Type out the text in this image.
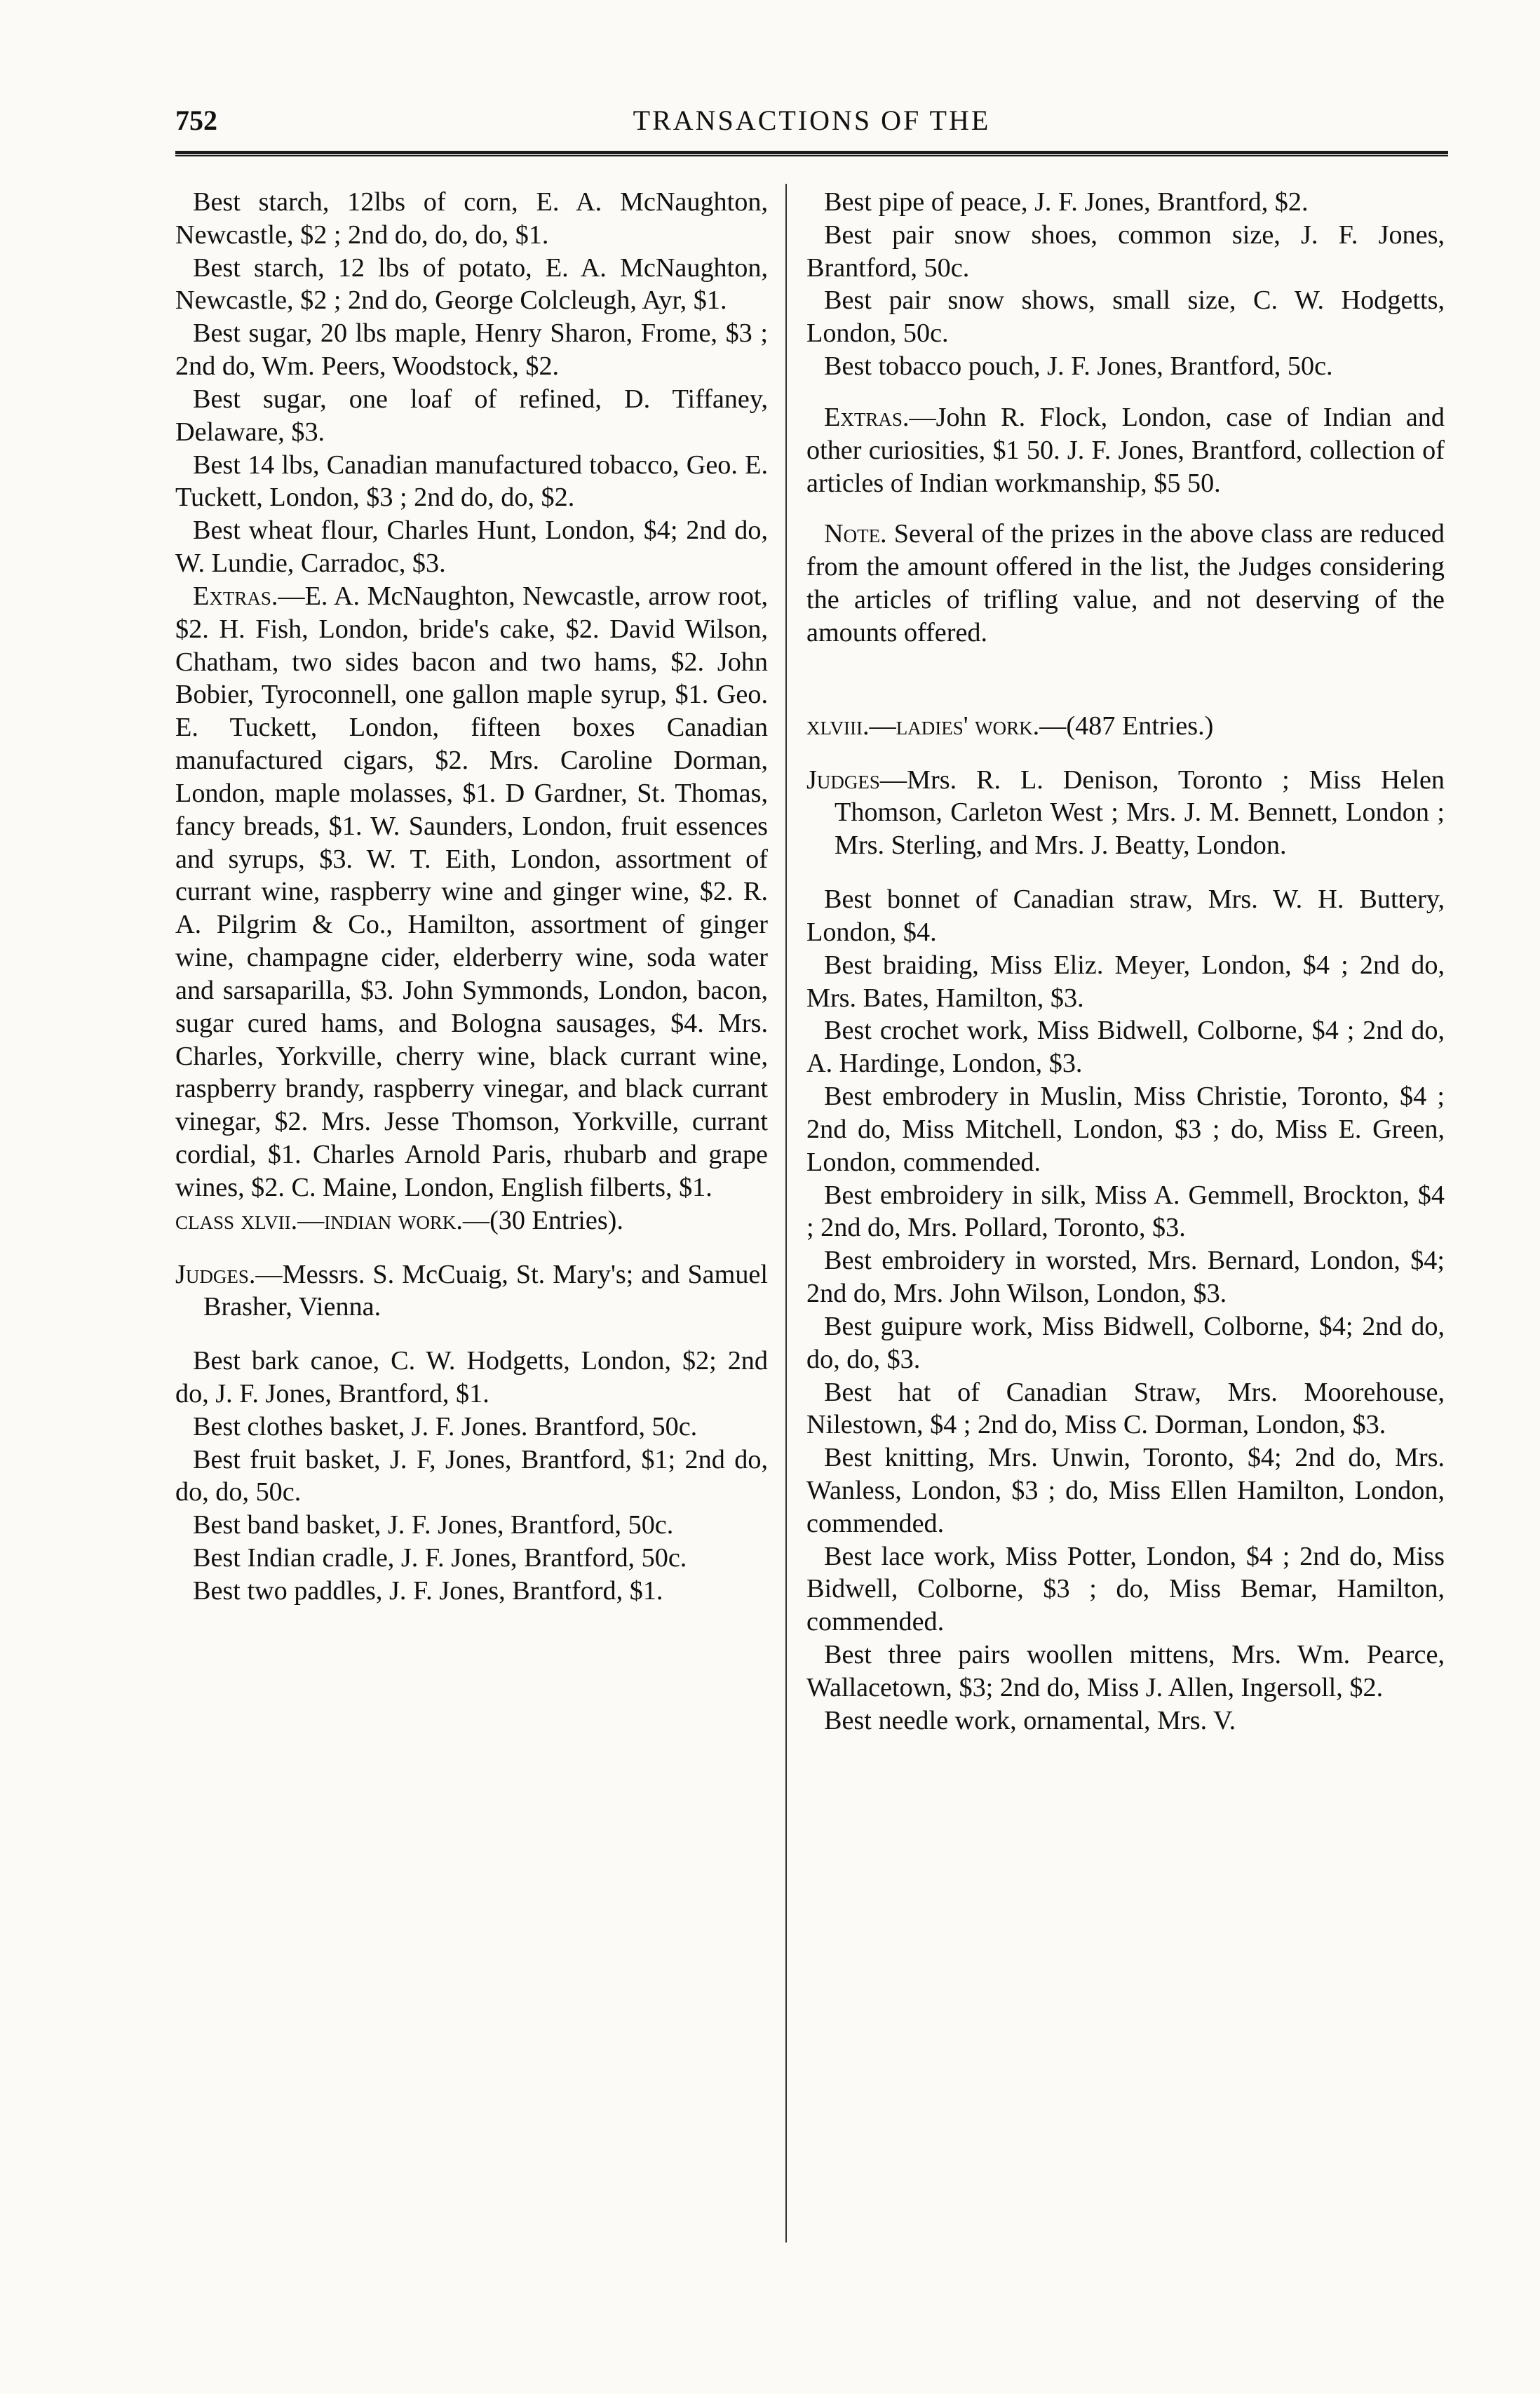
TRANSACTIONS OF THE
752

Best starch, 12lbs of corn, E. A. McNaughton, Newcastle, $2 ; 2nd do, do, do, $1.

Best starch, 12 lbs of potato, E. A. McNaughton, Newcastle, $2 ; 2nd do, George Colcleugh, Ayr, $1.

Best sugar, 20 lbs maple, Henry Sharon, Frome, $3 ; 2nd do, Wm. Peers, Woodstock, $2.

Best sugar, one loaf of refined, D. Tiffaney, Delaware, $3.

Best 14 lbs, Canadian manufactured tobacco, Geo. E. Tuckett, London, $3 ; 2nd do, do, $2.

Best wheat flour, Charles Hunt, London, $4; 2nd do, W. Lundie, Carradoc, $3.

Extras.—E. A. McNaughton, Newcastle, arrow root, $2. H. Fish, London, bride's cake, $2. David Wilson, Chatham, two sides bacon and two hams, $2. John Bobier, Tyroconnell, one gallon maple syrup, $1. Geo. E. Tuckett, London, fifteen boxes Canadian manufactured cigars, $2. Mrs. Caroline Dorman, London, maple molasses, $1. D Gardner, St. Thomas, fancy breads, $1. W. Saunders, London, fruit essences and syrups, $3. W. T. Eith, London, assortment of currant wine, raspberry wine and ginger wine, $2. R. A. Pilgrim & Co., Hamilton, assortment of ginger wine, champagne cider, elderberry wine, soda water and sarsaparilla, $3. John Symmonds, London, bacon, sugar cured hams, and Bologna sausages, $4. Mrs. Charles, Yorkville, cherry wine, black currant wine, raspberry brandy, raspberry vinegar, and black currant vinegar, $2. Mrs. Jesse Thomson, Yorkville, currant cordial, $1. Charles Arnold Paris, rhubarb and grape wines, $2. C. Maine, London, English filberts, $1.

class xlvii.—indian work.—(30 Entries).

Judges.—Messrs. S. McCuaig, St. Mary's; and Samuel Brasher, Vienna.

Best bark canoe, C. W. Hodgetts, London, $2; 2nd do, J. F. Jones, Brantford, $1.

Best clothes basket, J. F. Jones. Brantford, 50c.

Best fruit basket, J. F, Jones, Brantford, $1; 2nd do, do, do, 50c.

Best band basket, J. F. Jones, Brantford, 50c.

Best Indian cradle, J. F. Jones, Brantford, 50c.

Best two paddles, J. F. Jones, Brantford, $1.

Best pipe of peace, J. F. Jones, Brantford, $2.

Best pair snow shoes, common size, J. F. Jones, Brantford, 50c.

Best pair snow shows, small size, C. W. Hodgetts, London, 50c.

Best tobacco pouch, J. F. Jones, Brantford, 50c.

Extras.—John R. Flock, London, case of Indian and other curiosities, $1 50. J. F. Jones, Brantford, collection of articles of Indian workmanship, $5 50.

Note. Several of the prizes in the above class are reduced from the amount offered in the list, the Judges considering the articles of trifling value, and not deserving of the amounts offered.

xlviii.—ladies' work.—(487 Entries.)

Judges—Mrs. R. L. Denison, Toronto ; Miss Helen Thomson, Carleton West ; Mrs. J. M. Bennett, London ; Mrs. Sterling, and Mrs. J. Beatty, London.

Best bonnet of Canadian straw, Mrs. W. H. Buttery, London, $4.

Best braiding, Miss Eliz. Meyer, London, $4 ; 2nd do, Mrs. Bates, Hamilton, $3.

Best crochet work, Miss Bidwell, Colborne, $4 ; 2nd do, A. Hardinge, London, $3.

Best embrodery in Muslin, Miss Christie, Toronto, $4 ; 2nd do, Miss Mitchell, London, $3 ; do, Miss E. Green, London, commended.

Best embroidery in silk, Miss A. Gemmell, Brockton, $4 ; 2nd do, Mrs. Pollard, Toronto, $3.

Best embroidery in worsted, Mrs. Bernard, London, $4; 2nd do, Mrs. John Wilson, London, $3.

Best guipure work, Miss Bidwell, Colborne, $4; 2nd do, do, do, $3.

Best hat of Canadian Straw, Mrs. Moorehouse, Nilestown, $4 ; 2nd do, Miss C. Dorman, London, $3.

Best knitting, Mrs. Unwin, Toronto, $4; 2nd do, Mrs. Wanless, London, $3 ; do, Miss Ellen Hamilton, London, commended.

Best lace work, Miss Potter, London, $4 ; 2nd do, Miss Bidwell, Colborne, $3 ; do, Miss Bemar, Hamilton, commended.

Best three pairs woollen mittens, Mrs. Wm. Pearce, Wallacetown, $3; 2nd do, Miss J. Allen, Ingersoll, $2.

Best needle work, ornamental, Mrs. V.
